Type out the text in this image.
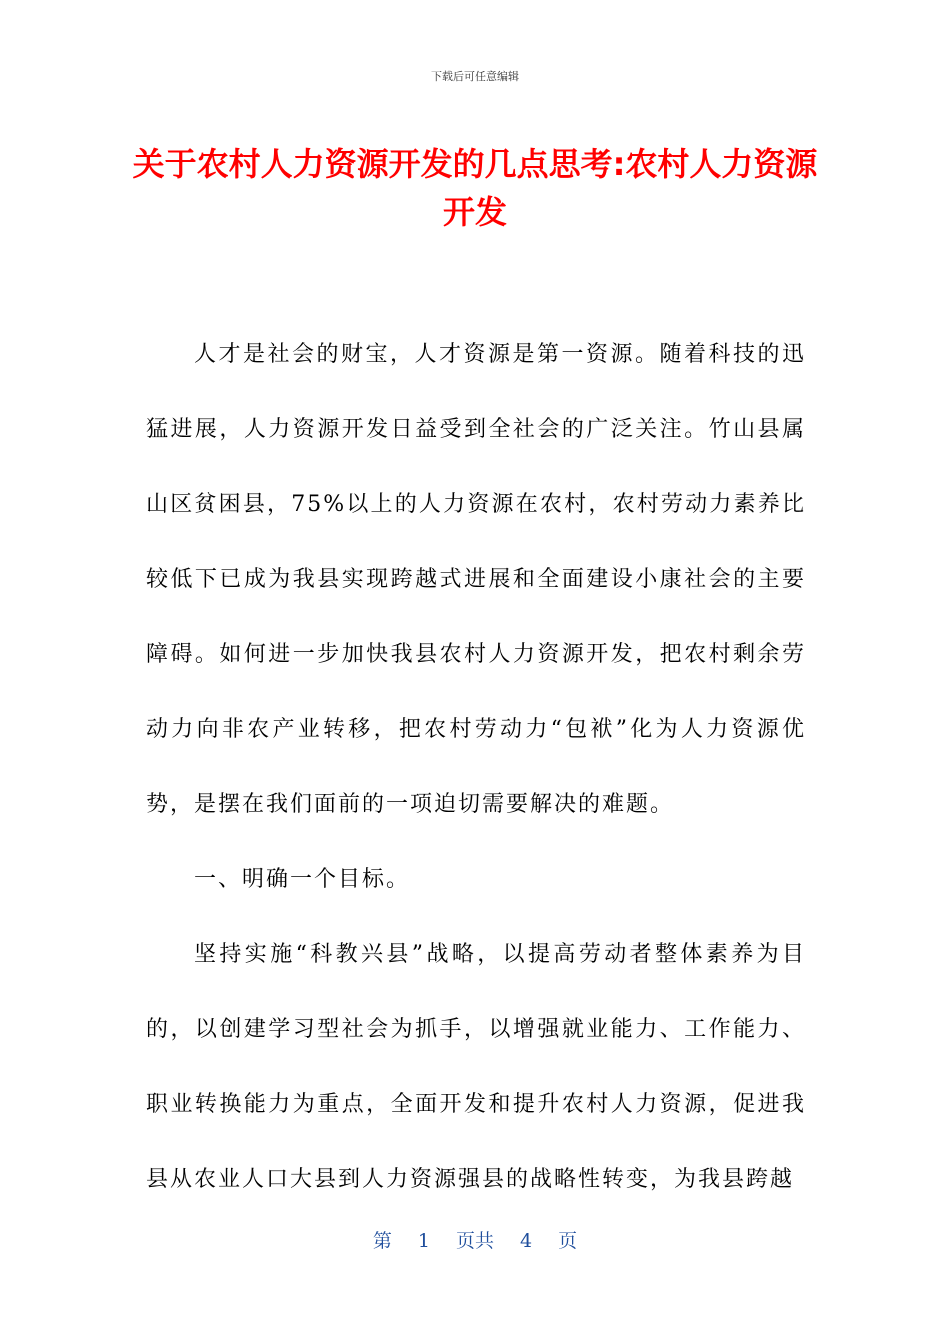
下载后可任意编辑
关于农村人力资源开发的几点思考:农村人力资源开发

人才是社会的财宝，人才资源是第一资源。随着科技的迅猛进展，人力资源开发日益受到全社会的广泛关注。竹山县属山区贫困县，75%以上的人力资源在农村，农村劳动力素养比较低下已成为我县实现跨越式进展和全面建设小康社会的主要障碍。如何进一步加快我县农村人力资源开发，把农村剩余劳动力向非农产业转移，把农村劳动力“包袱”化为人力资源优势，是摆在我们面前的一项迫切需要解决的难题。

一、明确一个目标。

坚持实施“科教兴县”战略，以提高劳动者整体素养为目的，以创建学习型社会为抓手，以增强就业能力、工作能力、职业转换能力为重点，全面开发和提升农村人力资源，促进我县从农业人口大县到人力资源强县的战略性转变，为我县跨越

第 1 页共 4 页
